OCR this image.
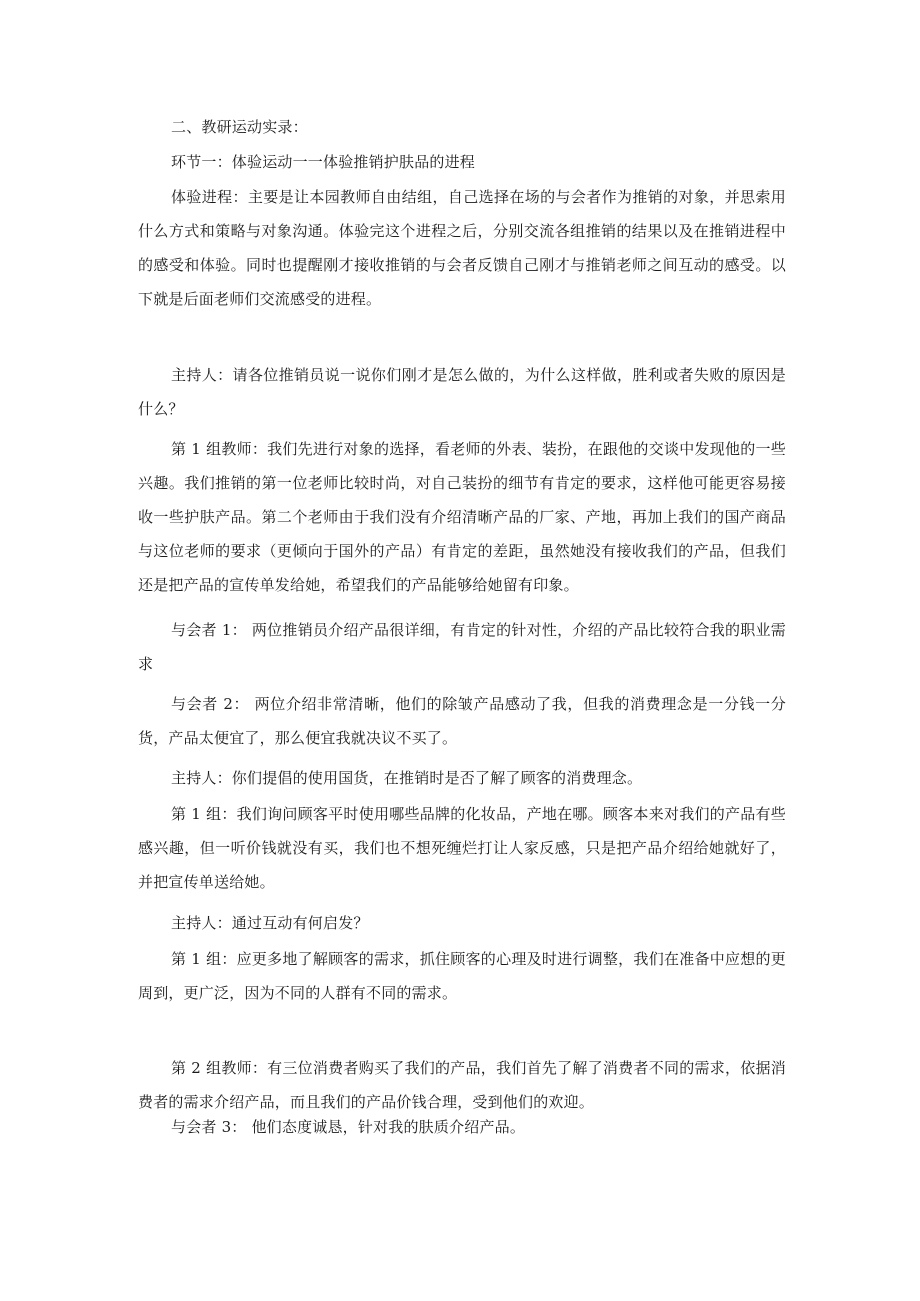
二、教研运动实录：

环节一：体验运动一一体验推销护肤品的进程

体验进程：主要是让本园教师自由结组，自己选择在场的与会者作为推销的对象，并思索用什么方式和策略与对象沟通。体验完这个进程之后，分别交流各组推销的结果以及在推销进程中的感受和体验。同时也提醒刚才接收推销的与会者反馈自己刚才与推销老师之间互动的感受。以下就是后面老师们交流感受的进程。

主持人：请各位推销员说一说你们刚才是怎么做的，为什么这样做，胜利或者失败的原因是什么？

第 1 组教师：我们先进行对象的选择，看老师的外表、装扮，在跟他的交谈中发现他的一些兴趣。我们推销的第一位老师比较时尚，对自己装扮的细节有肯定的要求，这样他可能更容易接收一些护肤产品。第二个老师由于我们没有介绍清晰产品的厂家、产地，再加上我们的国产商品与这位老师的要求（更倾向于国外的产品）有肯定的差距，虽然她没有接收我们的产品，但我们还是把产品的宣传单发给她，希望我们的产品能够给她留有印象。

与会者 1： 两位推销员介绍产品很详细，有肯定的针对性，介绍的产品比较符合我的职业需求

与会者 2： 两位介绍非常清晰，他们的除皱产品感动了我，但我的消费理念是一分钱一分货，产品太便宜了，那么便宜我就决议不买了。

主持人：你们提倡的使用国货，在推销时是否了解了顾客的消费理念。

第 1 组：我们询问顾客平时使用哪些品牌的化妆品，产地在哪。顾客本来对我们的产品有些感兴趣，但一听价钱就没有买，我们也不想死缠烂打让人家反感，只是把产品介绍给她就好了，并把宣传单送给她。

主持人：通过互动有何启发？

第 1 组：应更多地了解顾客的需求，抓住顾客的心理及时进行调整，我们在准备中应想的更周到，更广泛，因为不同的人群有不同的需求。

第 2 组教师：有三位消费者购买了我们的产品，我们首先了解了消费者不同的需求，依据消费者的需求介绍产品，而且我们的产品价钱合理，受到他们的欢迎。

与会者 3： 他们态度诚恳，针对我的肤质介绍产品。
